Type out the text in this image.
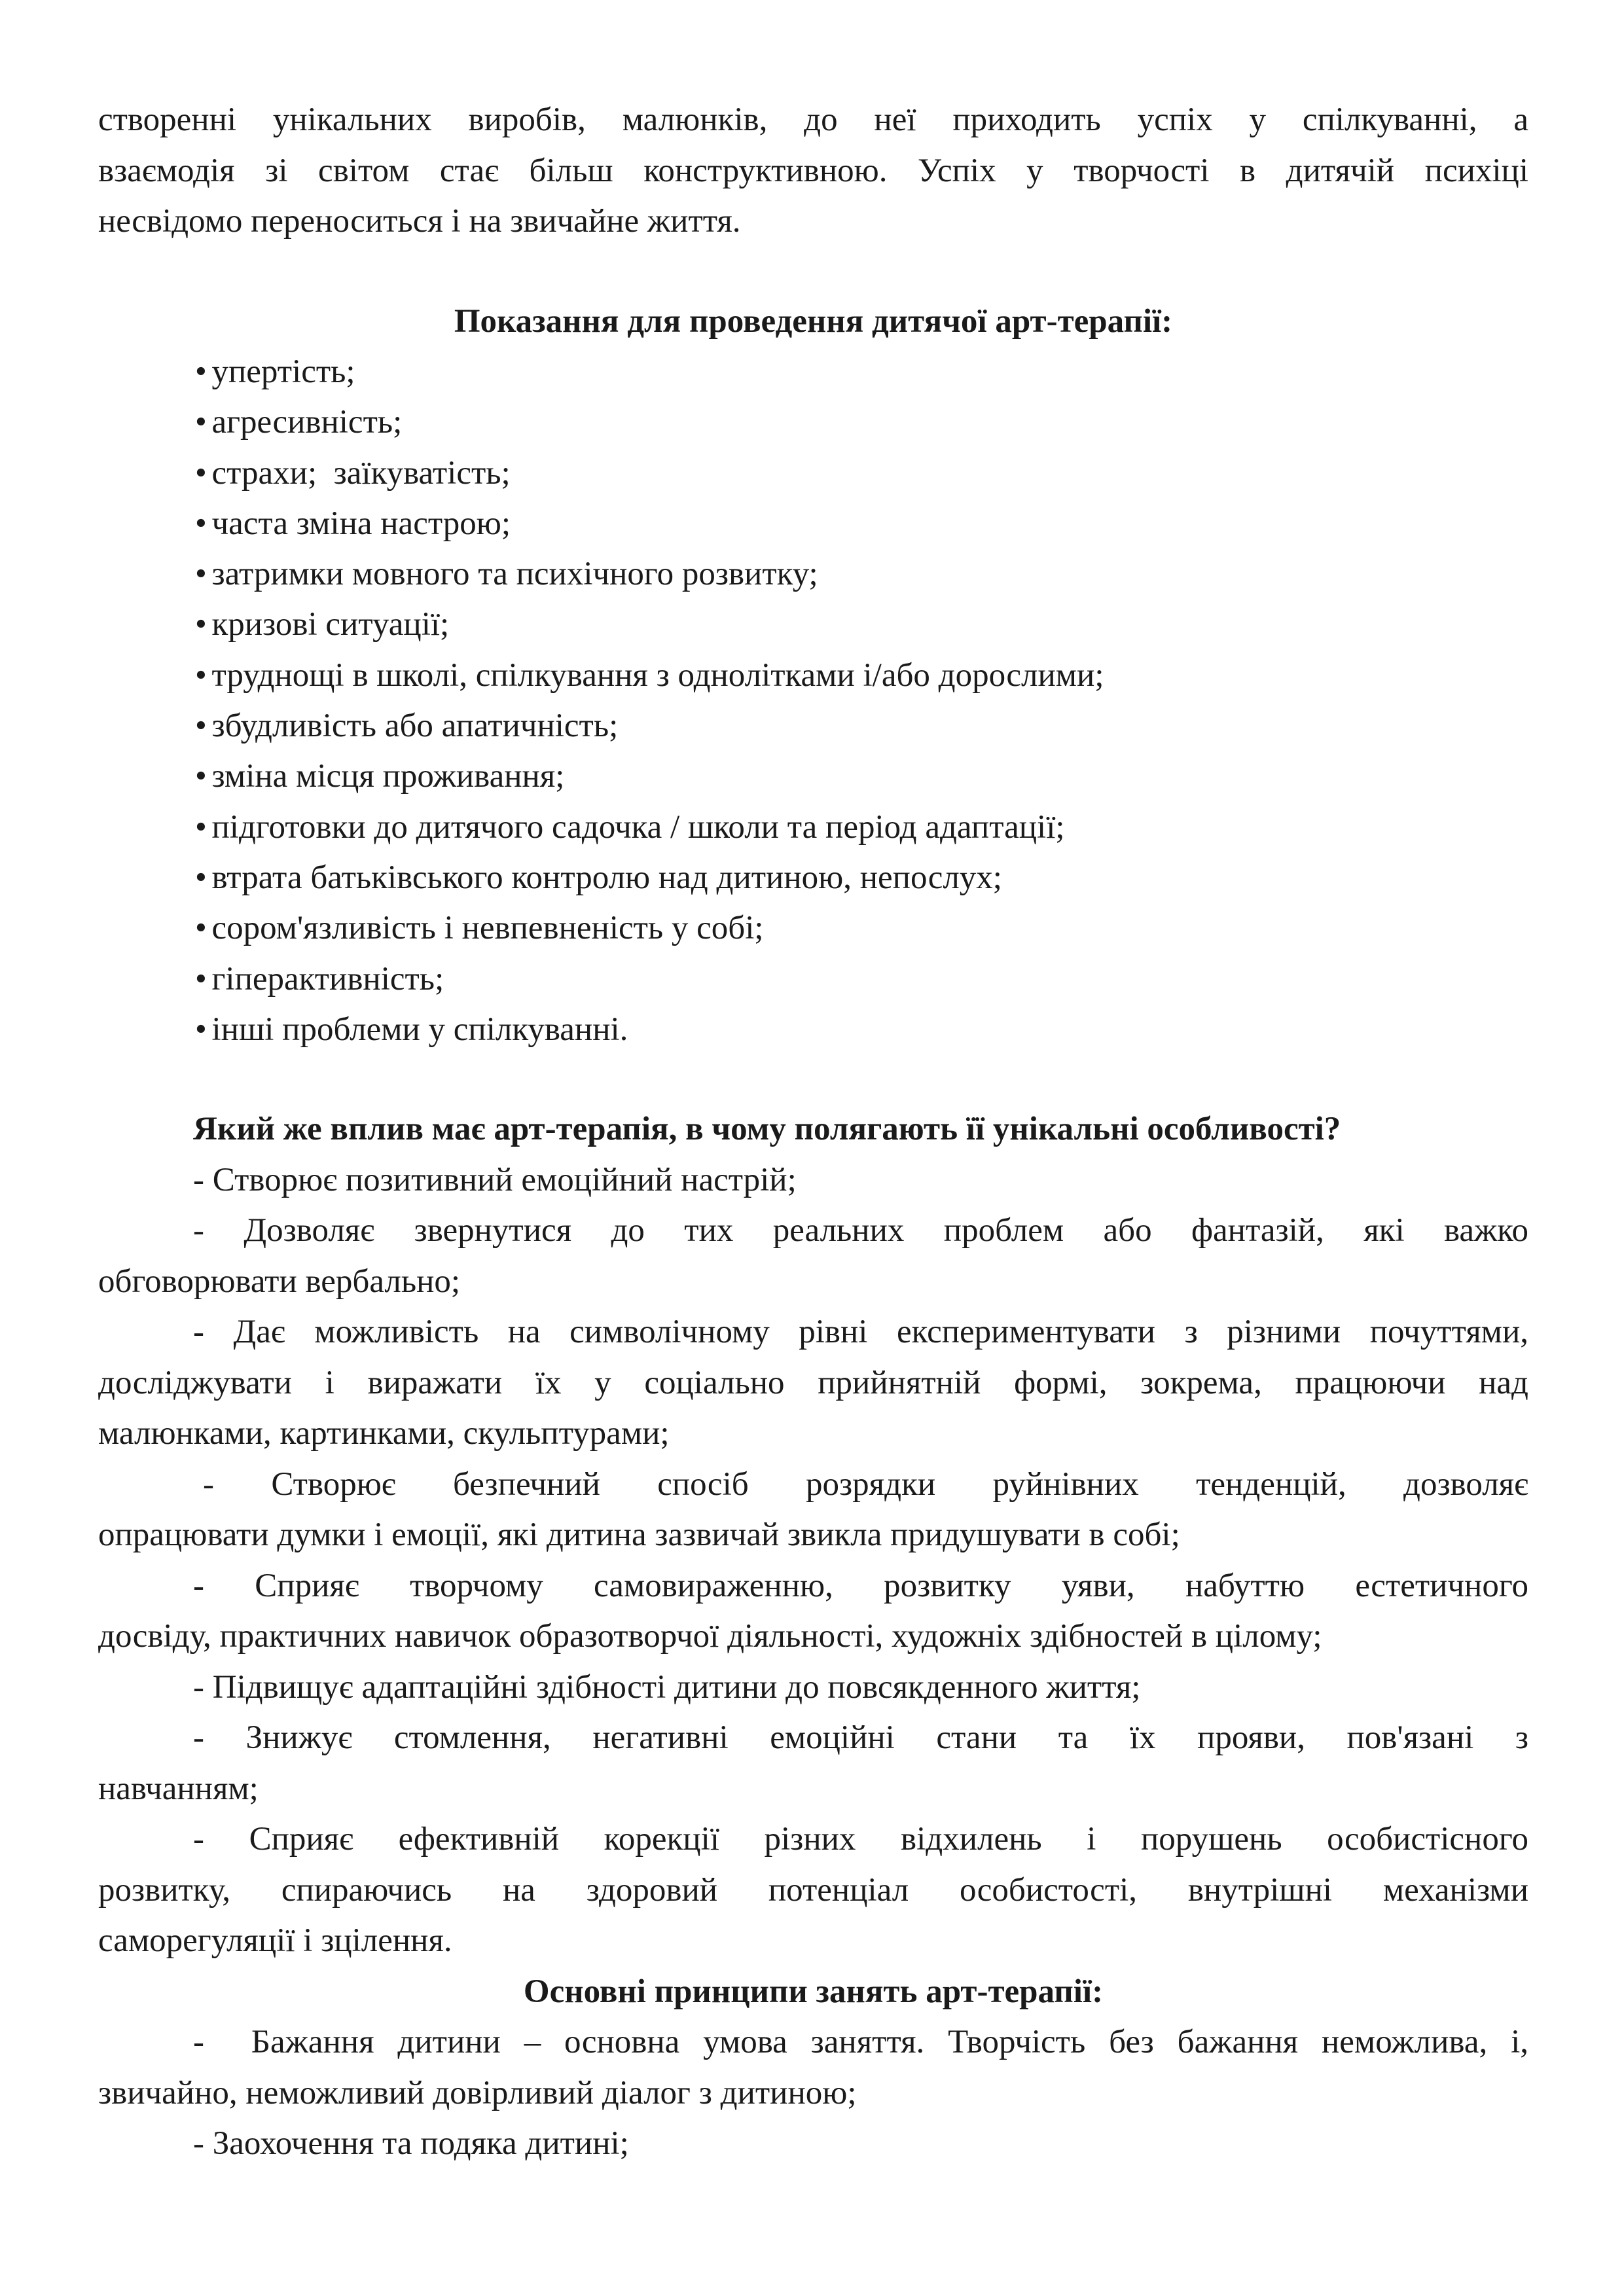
створенні унікальних виробів, малюнків, до неї приходить успіх у спілкуванні, а

взаємодія зі світом стає більш конструктивною. Успіх у творчості в дитячій психіці

несвідомо переноситься і на звичайне життя.

Показання для проведення дитячої арт-терапії:

• упертість;
• агресивність;
• страхи;  заїкуватість;
• часта зміна настрою;
• затримки мовного та психічного розвитку;
• кризові ситуації;
• труднощі в школі, спілкування з однолітками і/або дорослими;
• збудливість або апатичність;
• зміна місця проживання;
• підготовки до дитячого садочка / школи та період адаптації;
• втрата батьківського контролю над дитиною, непослух;
• сором'язливість і невпевненість у собі;
• гіперактивність;
• інші проблеми у спілкуванні.

Який же вплив має арт-терапія, в чому полягають її унікальні особливості?

- Створює позитивний емоційний настрій;

- Дозволяє звернутися до тих реальних проблем або фантазій, які важко

обговорювати вербально;

- Дає можливість на символічному рівні експериментувати з різними почуттями,

досліджувати і виражати їх у соціально прийнятній формі, зокрема, працюючи над

малюнками, картинками, скульптурами;

- Створює безпечний спосіб розрядки руйнівних тенденцій, дозволяє

опрацювати думки і емоції, які дитина зазвичай звикла придушувати в собі;

- Сприяє творчому самовираженню, розвитку уяви, набуттю естетичного

досвіду, практичних навичок образотворчої діяльності, художніх здібностей в цілому;

- Підвищує адаптаційні здібності дитини до повсякденного життя;

- Знижує стомлення, негативні емоційні стани та їх прояви, пов'язані з

навчанням;

- Сприяє ефективній корекції різних відхилень і порушень особистісного

розвитку, спираючись на здоровий потенціал особистості, внутрішні механізми

саморегуляції і зцілення.

Основні принципи занять арт-терапії:

-  Бажання дитини – основна умова заняття. Творчість без бажання неможлива, і,

звичайно, неможливий довірливий діалог з дитиною;

- Заохочення та подяка дитині;
